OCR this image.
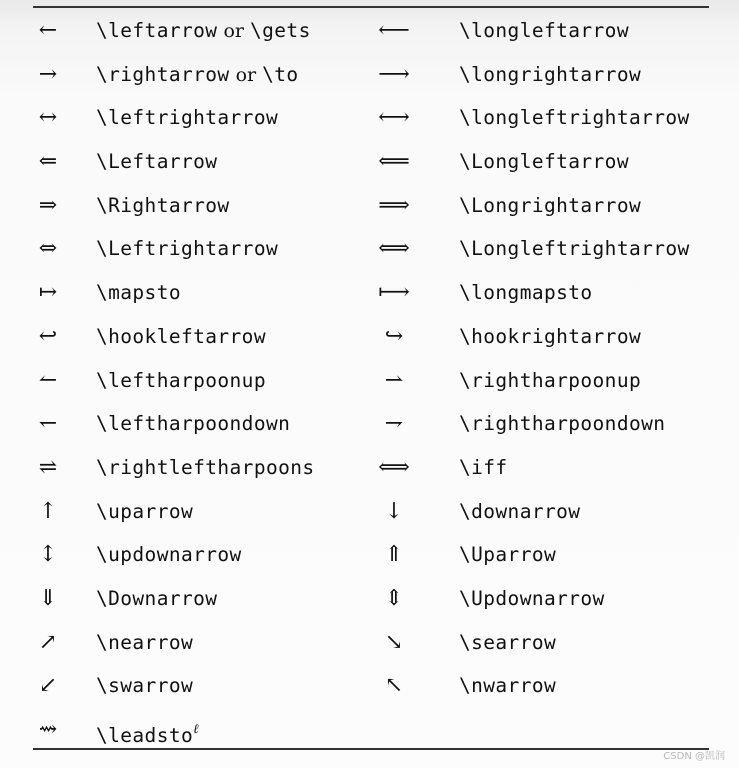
←	\leftarrow or \gets	⟵	\longleftarrow
→	\rightarrow or \to	⟶	\longrightarrow
↔	\leftrightarrow	⟷	\longleftrightarrow
⇐	\Leftarrow	⟸	\Longleftarrow
⇒	\Rightarrow	⟹	\Longrightarrow
⇔	\Leftrightarrow	⟺	\Longleftrightarrow
↦	\mapsto	⟼	\longmapsto
↩	\hookleftarrow	↪	\hookrightarrow
↼	\leftharpoonup	⇀	\rightharpoonup
↽	\leftharpoondown	⇁	\rightharpoondown
⇌	\rightleftharpoons	⟺	\iff
↑	\uparrow	↓	\downarrow
↕	\updownarrow	⇑	\Uparrow
⇓	\Downarrow	⇕	\Updownarrow
↗	\nearrow	↘	\searrow
↙	\swarrow	↖	\nwarrow
⇝	\leadsto$^\ell$
CSDN @凯润
